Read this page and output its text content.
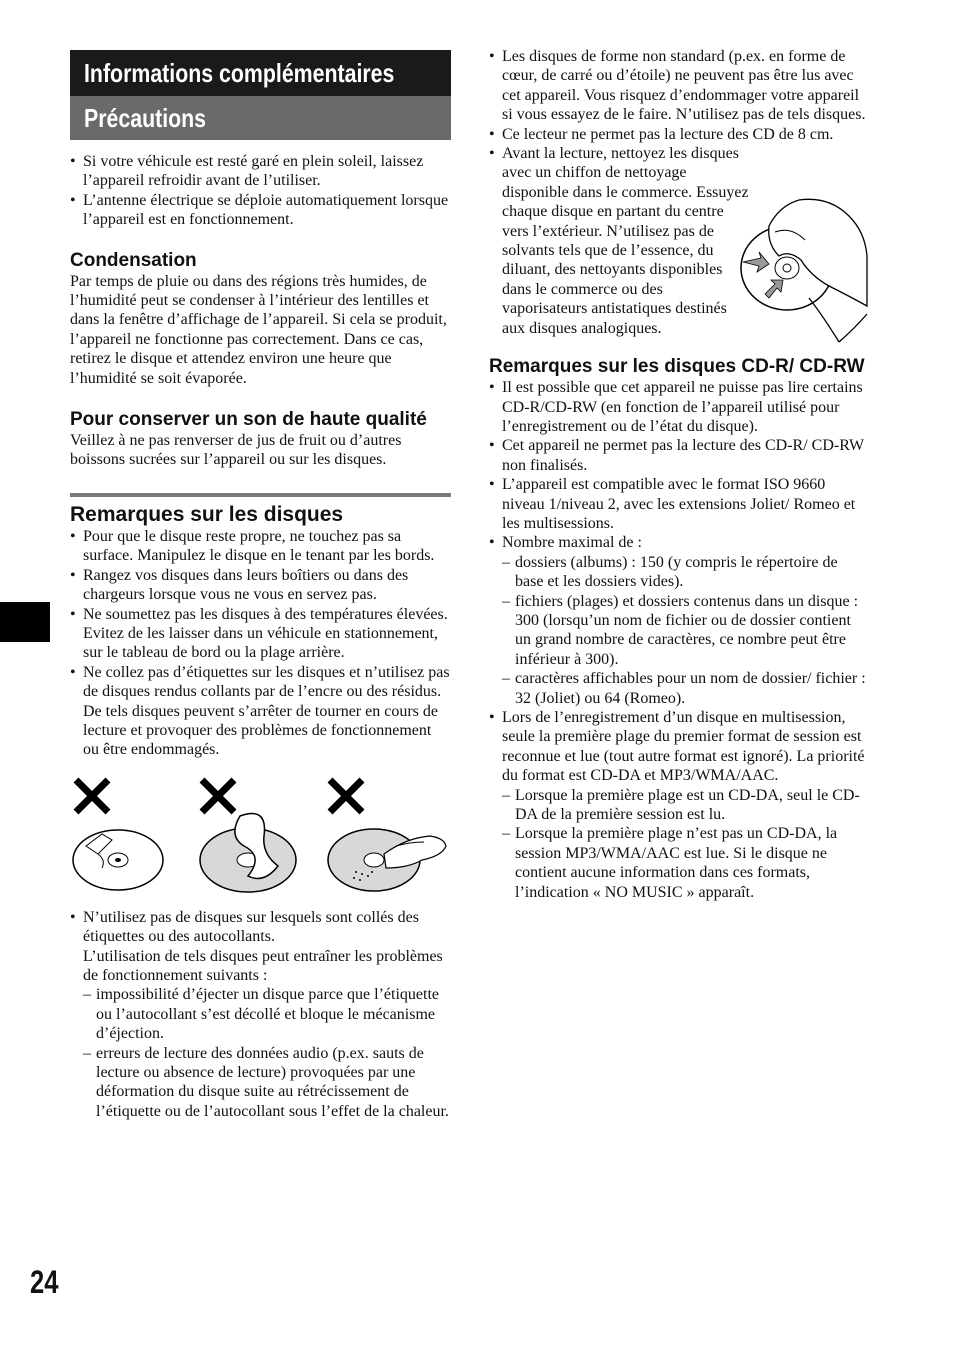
Informations complémentaires
Précautions
• Si votre véhicule est resté garé en plein soleil, laissez l’appareil refroidir avant de l’utiliser.
• L’antenne électrique se déploie automatiquement lorsque l’appareil est en fonctionnement.
Condensation

Par temps de pluie ou dans des régions très humides, de l’humidité peut se condenser à l’intérieur des lentilles et dans la fenêtre d’affichage de l’appareil. Si cela se produit, l’appareil ne fonctionne pas correctement. Dans ce cas, retirez le disque et attendez environ une heure que l’humidité se soit évaporée.

Pour conserver un son de haute qualité

Veillez à ne pas renverser de jus de fruit ou d’autres boissons sucrées sur l’appareil ou sur les disques.

Remarques sur les disques
• Pour que le disque reste propre, ne touchez pas sa surface. Manipulez le disque en le tenant par les bords.
• Rangez vos disques dans leurs boîtiers ou dans des chargeurs lorsque vous ne vous en servez pas.
• Ne soumettez pas les disques à des températures élevées. Evitez de les laisser dans un véhicule en stationnement, sur le tableau de bord ou la plage arrière.
• Ne collez pas d’étiquettes sur les disques et n’utilisez pas de disques rendus collants par de l’encre ou des résidus. De tels disques peuvent s’arrêter de tourner en cours de lecture et provoquer des problèmes de fonctionnement ou être endommagés.
• N’utilisez pas de disques sur lesquels sont collés des étiquettes ou des autocollants.
L’utilisation de tels disques peut entraîner les problèmes de fonctionnement suivants :
– impossibilité d’éjecter un disque parce que l’étiquette ou l’autocollant s’est décollé et bloque le mécanisme d’éjection.
– erreurs de lecture des données audio (p.ex. sauts de lecture ou absence de lecture) provoquées par une déformation du disque suite au rétrécissement de l’étiquette ou de l’autocollant sous l’effet de la chaleur.
• Les disques de forme non standard (p.ex. en forme de cœur, de carré ou d’étoile) ne peuvent pas être lus avec cet appareil. Vous risquez d’endommager votre appareil si vous essayez de le faire. N’utilisez pas de tels disques.
• Ce lecteur ne permet pas la lecture des CD de 8 cm.
• Avant la lecture, nettoyez les disques avec un chiffon de nettoyage disponible dans le commerce. Essuyez chaque disque en partant du centre vers l’extérieur. N’utilisez pas de solvants tels que de l’essence, du diluant, des nettoyants disponibles dans le commerce ou des vaporisateurs antistatiques destinés aux disques analogiques.
Remarques sur les disques CD-R/ CD-RW
• Il est possible que cet appareil ne puisse pas lire certains CD-R/CD-RW (en fonction de l’appareil utilisé pour l’enregistrement ou de l’état du disque).
• Cet appareil ne permet pas la lecture des CD-R/ CD-RW non finalisés.
• L’appareil est compatible avec le format ISO 9660 niveau 1/niveau 2, avec les extensions Joliet/ Romeo et les multisessions.
• Nombre maximal de :
– dossiers (albums) : 150 (y compris le répertoire de base et les dossiers vides).
– fichiers (plages) et dossiers contenus dans un disque : 300 (lorsqu’un nom de fichier ou de dossier contient un grand nombre de caractères, ce nombre peut être inférieur à 300).
– caractères affichables pour un nom de dossier/ fichier : 32 (Joliet) ou 64 (Romeo).
• Lors de l’enregistrement d’un disque en multisession, seule la première plage du premier format de session est reconnue et lue (tout autre format est ignoré). La priorité du format est CD-DA et MP3/WMA/AAC.
– Lorsque la première plage est un CD-DA, seul le CD-DA de la première session est lu.
– Lorsque la première plage n’est pas un CD-DA, la session MP3/WMA/AAC est lue. Si le disque ne contient aucune information dans ces formats, l’indication « NO MUSIC » apparaît.
24
